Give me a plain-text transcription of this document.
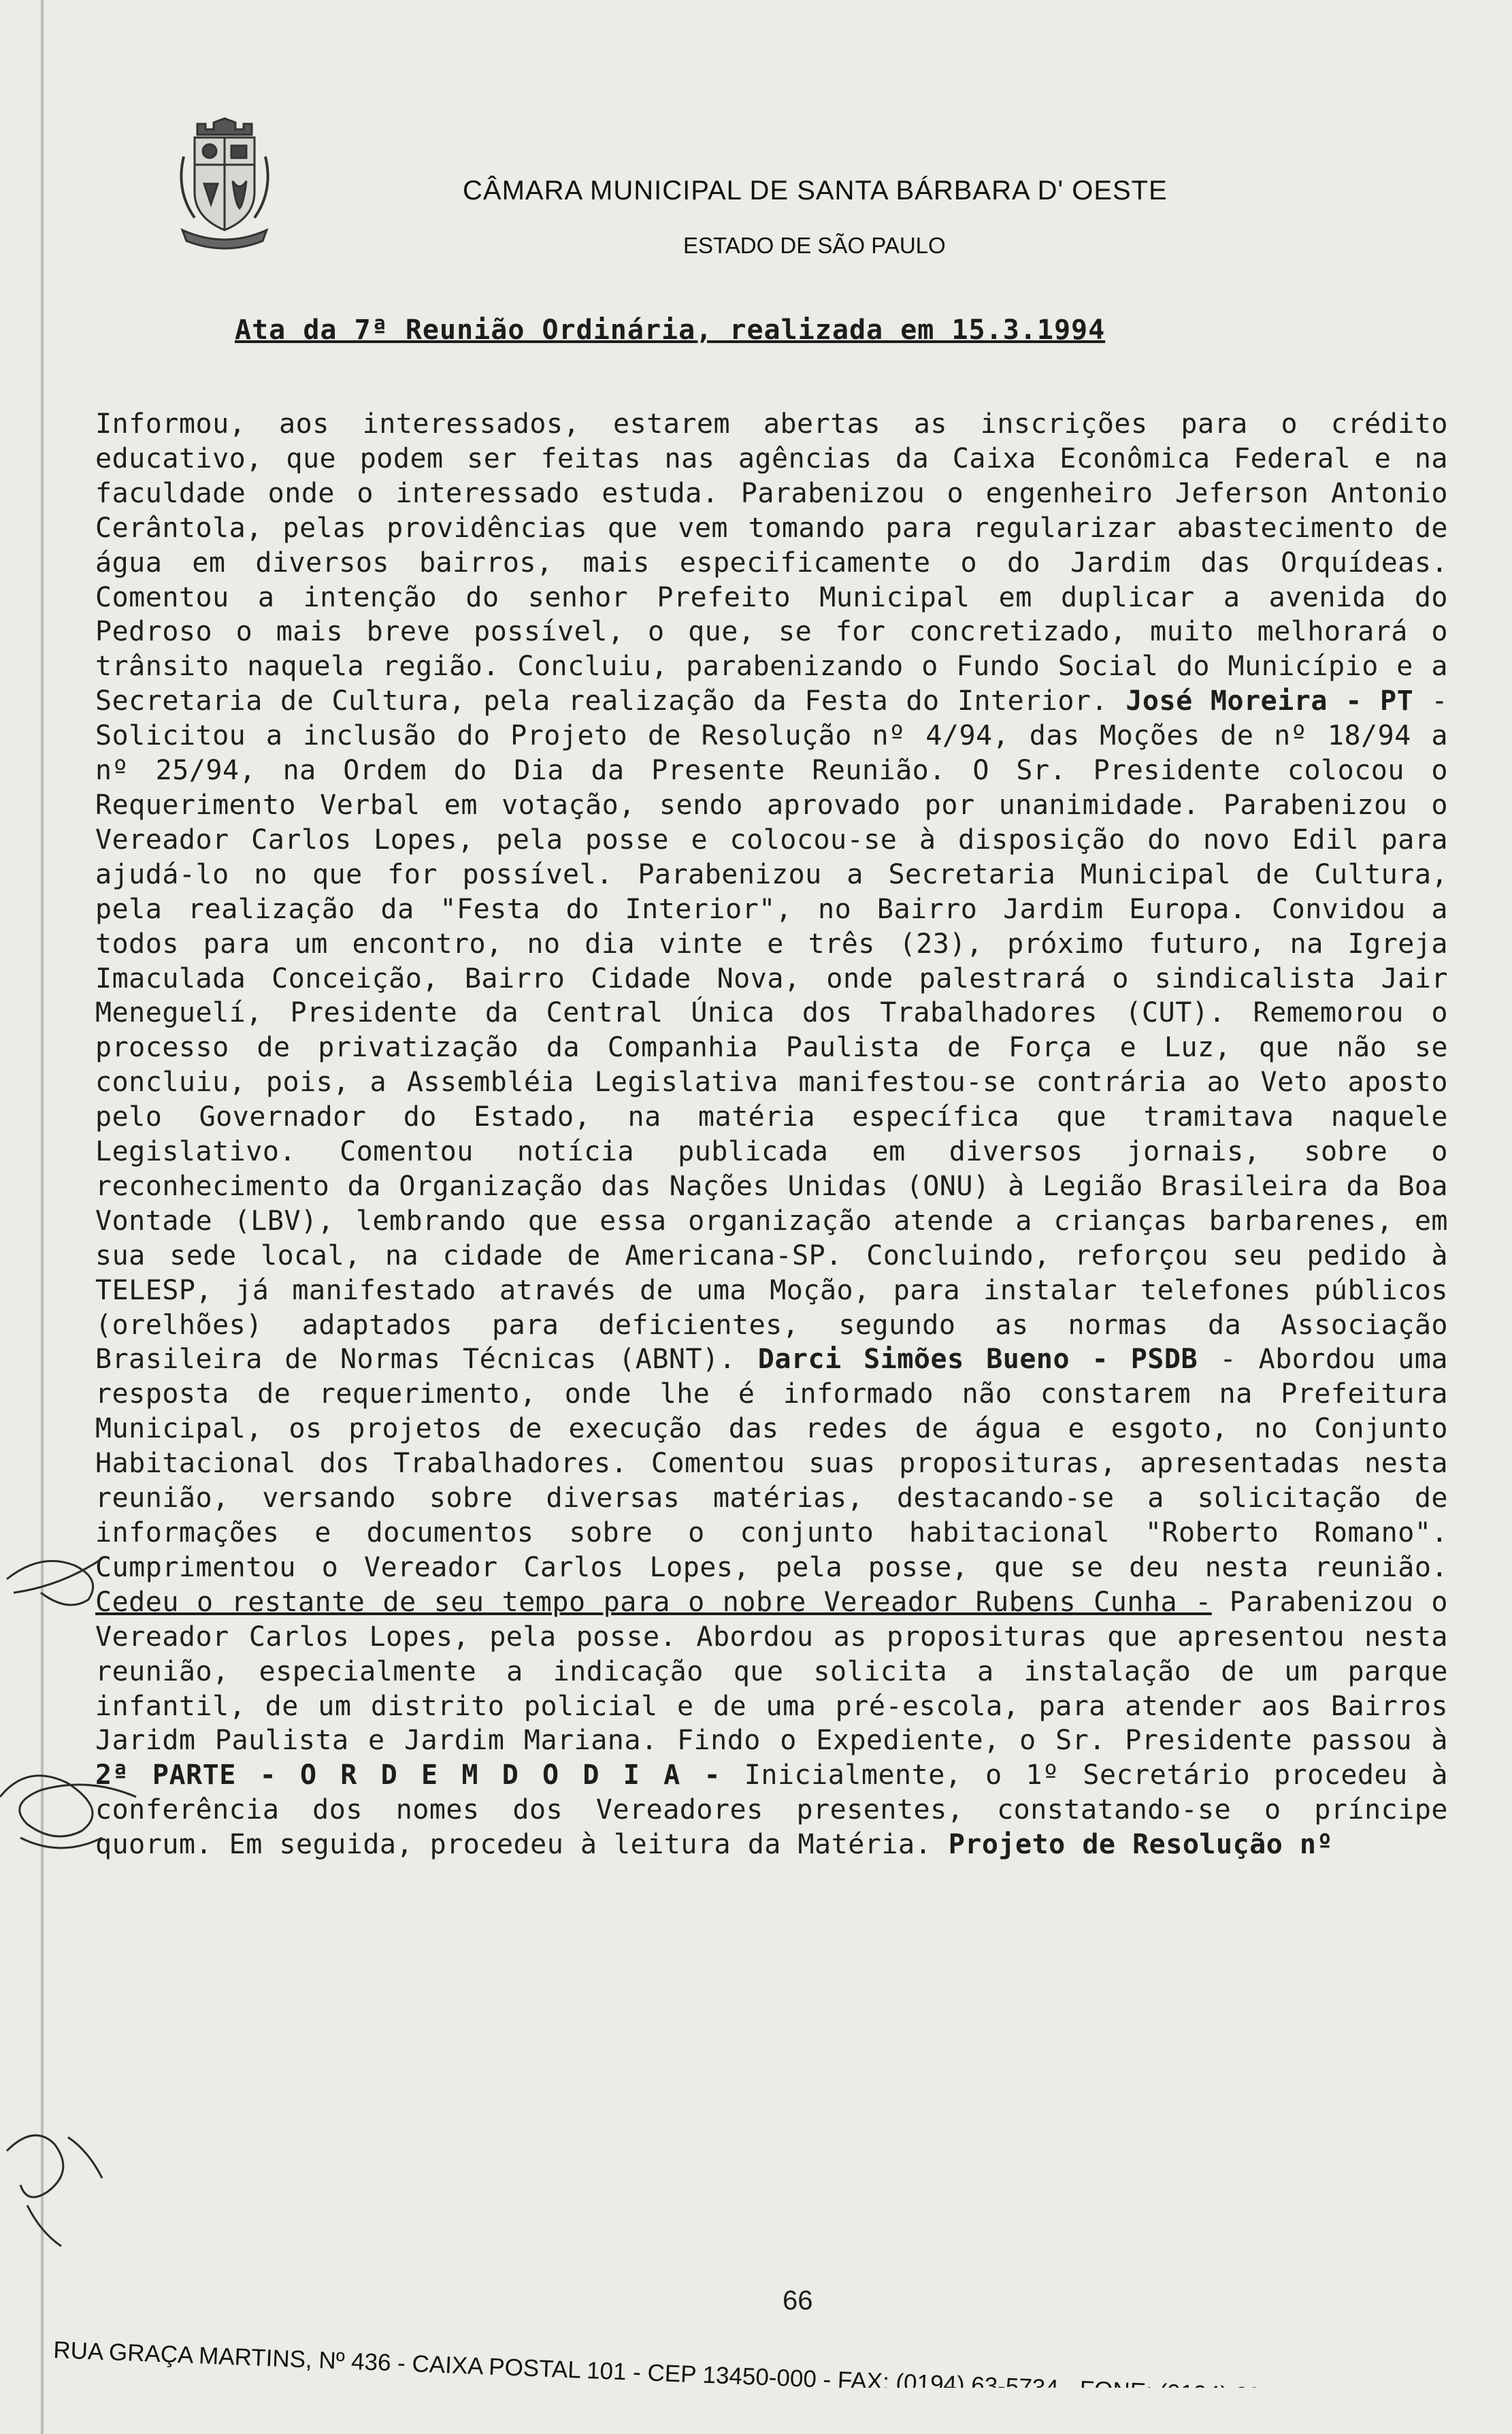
CÂMARA MUNICIPAL DE SANTA BÁRBARA D' OESTE
ESTADO DE SÃO PAULO
Ata da 7ª Reunião Ordinária, realizada em 15.3.1994

Informou, aos interessados, estarem abertas as inscrições para o crédito educativo, que podem ser feitas nas agências da Caixa Econômica Federal e na faculdade onde o interessado estuda. Parabenizou o engenheiro Jeferson Antonio Cerântola, pelas providências que vem tomando para regularizar abastecimento de água em diversos bairros, mais especificamente o do Jardim das Orquídeas. Comentou a intenção do senhor Prefeito Municipal em duplicar a avenida do Pedroso o mais breve possível, o que, se for concretizado, muito melhorará o trânsito naquela região. Concluiu, parabenizando o Fundo Social do Município e a Secretaria de Cultura, pela realização da Festa do Interior. José Moreira - PT

- Solicitou a inclusão do Projeto de Resolução nº 4/94, das Moções de nº 18/94 a nº 25/94, na Ordem do Dia da Presente Reunião. O Sr. Presidente colocou o Requerimento Verbal em votação, sendo aprovado por unanimidade. Parabenizou o Vereador Carlos Lopes, pela posse e colocou-se à disposição do novo Edil para ajudá-lo no que for possível. Parabenizou a Secretaria Municipal de Cultura, pela realização da "Festa do Interior", no Bairro Jardim Europa. Convidou a todos para um encontro, no dia vinte e três (23), próximo futuro, na Igreja Imaculada Conceição, Bairro Cidade Nova, onde palestrará o sindicalista Jair Meneguelí, Presidente da Central Única dos Trabalhadores (CUT). Rememorou o processo de privatização da Companhia Paulista de Força e Luz, que não se concluiu, pois, a Assembléia Legislativa manifestou-se contrária ao Veto aposto pelo Governador do Estado, na matéria específica que tramitava naquele Legislativo. Comentou notícia publicada em diversos jornais, sobre o reconhecimento da Organização das Nações Unidas (ONU) à Legião Brasileira da Boa Vontade (LBV), lembrando que essa organização atende a crianças barbarenes, em sua sede local, na cidade de Americana-SP. Concluindo, reforçou seu pedido à TELESP, já manifestado através de uma Moção, para instalar telefones públicos (orelhões) adaptados para deficientes, segundo as normas da Associação Brasileira de Normas Técnicas (ABNT). Darci Simões Bueno - PSDB

- Abordou uma resposta de requerimento, onde lhe é informado não constarem na Prefeitura Municipal, os projetos de execução das redes de água e esgoto, no Conjunto Habitacional dos Trabalhadores. Comentou suas proposituras, apresentadas nesta reunião, versando sobre diversas matérias, destacando-se a solicitação de informações e documentos sobre o conjunto habitacional "Roberto Romano". Cumprimentou o Vereador Carlos Lopes, pela posse, que se deu nesta reunião.

Cedeu o restante de seu tempo para o nobre Vereador Rubens Cunha -

Parabenizou o Vereador Carlos Lopes, pela posse. Abordou as proposituras que apresentou nesta reunião, especialmente a indicação que solicita a instalação de um parque infantil, de um distrito policial e de uma pré-escola, para atender aos Bairros Jaridm Paulista e Jardim Mariana. Findo o Expediente, o Sr. Presidente passou à

2ª PARTE - O R D E M D O D I A -

Inicialmente, o 1º Secretário procedeu à conferência dos nomes dos Vereadores presentes, constatando-se o príncipe quorum. Em seguida, procedeu à leitura da Matéria.

Projeto de Resolução nº
66
RUA GRAÇA MARTINS, Nº 436 - CAIXA POSTAL 101 - CEP 13450-000 - FAX: (0194) 63-5734 - FONE: (0194) 63-5766
